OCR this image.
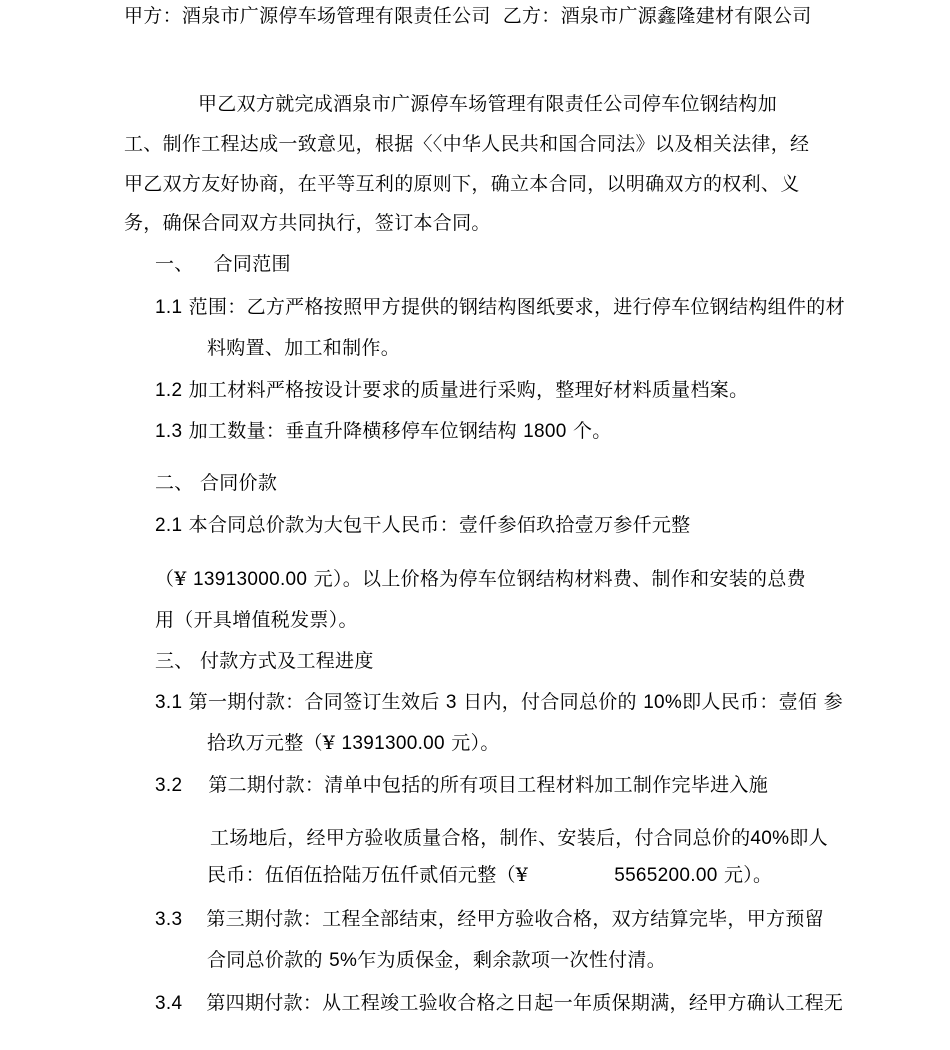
甲方：酒泉市广源停车场管理有限责任公司 乙方：酒泉市广源鑫隆建材有限公司
甲乙双方就完成酒泉市广源停车场管理有限责任公司停车位钢结构加
工、制作工程达成一致意见，根据〈〈中华人民共和国合同法》以及相关法律，经
甲乙双方友好协商，在平等互利的原则下，确立本合同，以明确双方的权利、义
务，确保合同双方共同执行，签订本合同。
一、 合同范围
1.1 范围：乙方严格按照甲方提供的钢结构图纸要求，进行停车位钢结构组件的材
料购置、加工和制作。
1.2 加工材料严格按设计要求的质量进行采购，整理好材料质量档案。
1.3 加工数量：垂直升降横移停车位钢结构 1800 个。
二、 合同价款
2.1 本合同总价款为大包干人民币：壹仟参佰玖拾壹万参仟元整
（¥ 13913000.00 元）。以上价格为停车位钢结构材料费、制作和安装的总费
用（开具增值税发票）。
三、 付款方式及工程进度
3.1 第一期付款：合同签订生效后 3 日内，付合同总价的 10%即人民币：壹佰 参
拾玖万元整（¥ 1391300.00 元）。
3.2 第二期付款：清单中包括的所有项目工程材料加工制作完毕进入施
工场地后，经甲方验收质量合格，制作、安装后，付合同总价的40%即人
民币：伍佰伍拾陆万伍仟贰佰元整（¥	5565200.00 元）。
3.3 第三期付款：工程全部结束，经甲方验收合格，双方结算完毕，甲方预留
合同总价款的 5%乍为质保金，剩余款项一次性付清。
3.4 第四期付款：从工程竣工验收合格之日起一年质保期满，经甲方确认工程无
